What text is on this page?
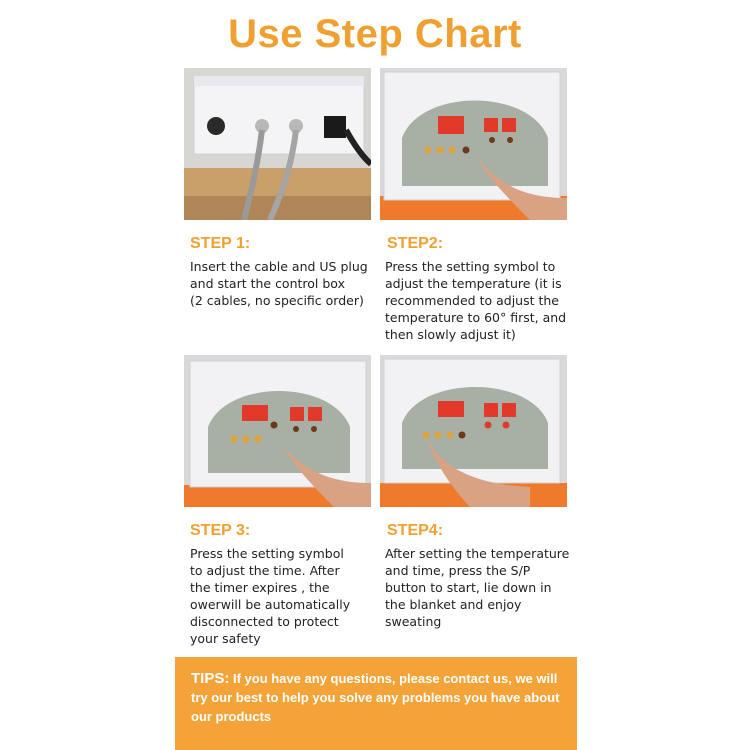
Use Step Chart
STEP 1:
Insert the cable and US plug
and start the control box
(2 cables, no specific order)
STEP2:
Press the setting symbol to
adjust the temperature (it is
recommended to adjust the
temperature to 60° first, and
then slowly adjust it)
STEP 3:
Press the setting symbol
to adjust the time. After
the timer expires , the
owerwill be automatically
disconnected to protect
your safety
STEP4:
After setting the temperature
and time, press the S/P
button to start, lie down in
the blanket and enjoy
sweating
TIPS: If you have any questions, please contact us, we will try our best to help you solve any problems you have about our products
